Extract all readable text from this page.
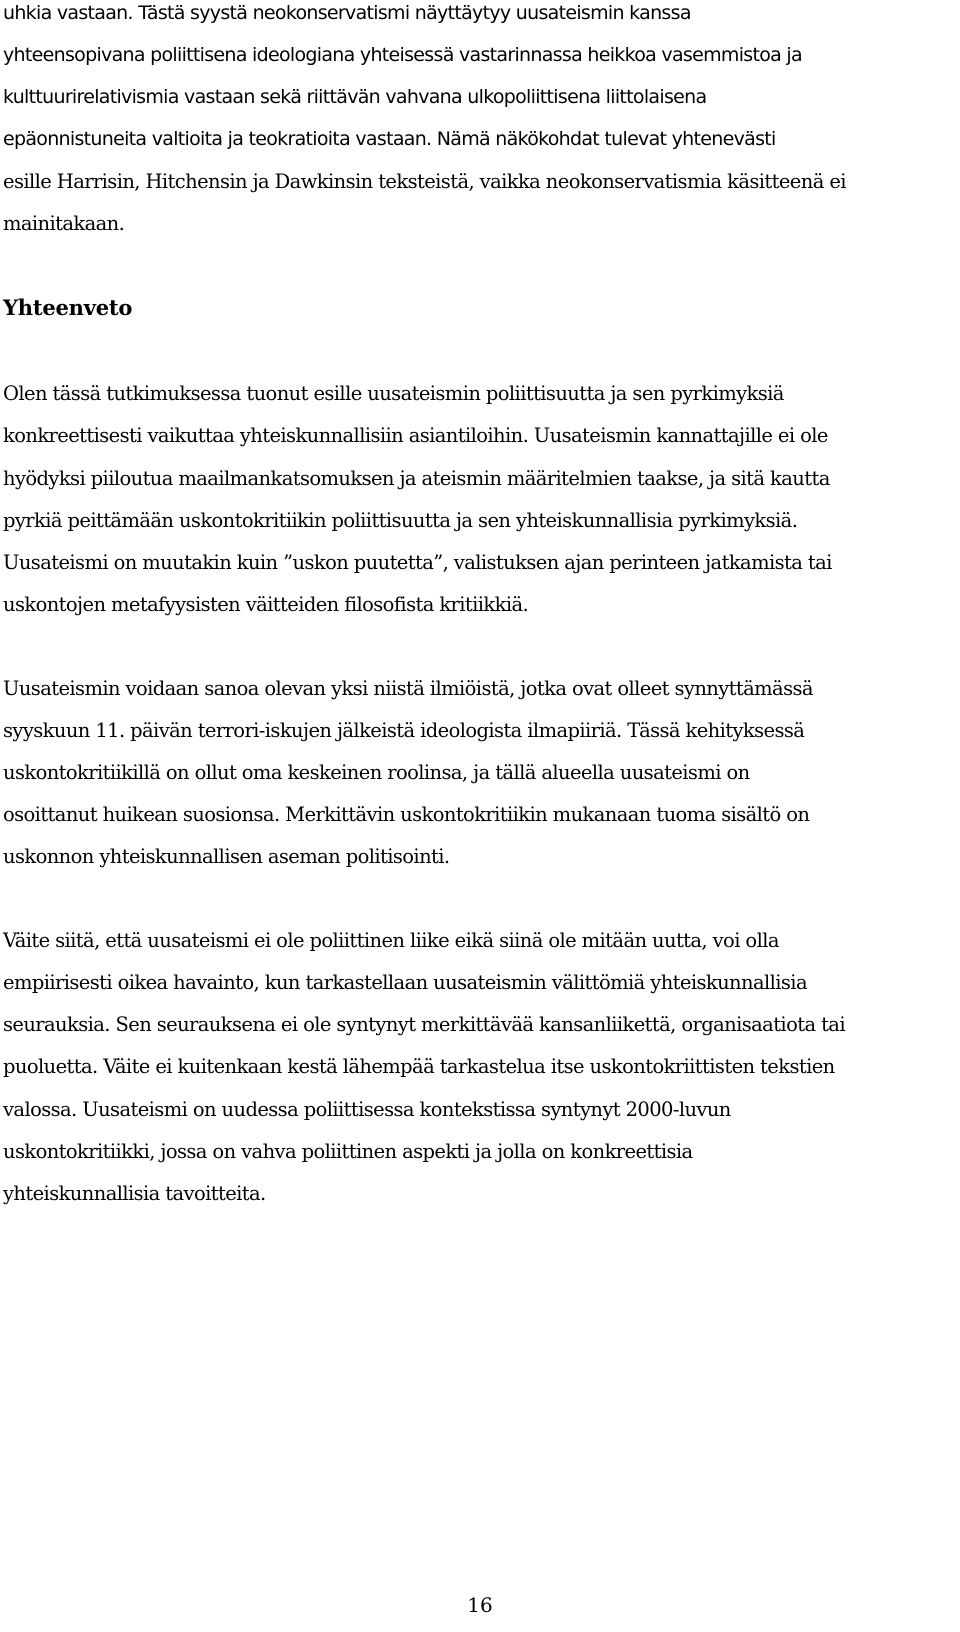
uhkia vastaan. Tästä syystä neokonservatismi näyttäytyy uusateismin kanssa
yhteensopivana poliittisena ideologiana yhteisessä vastarinnassa heikkoa vasemmistoa ja
kulttuurirelativismia vastaan sekä riittävän vahvana ulkopoliittisena liittolaisena
epäonnistuneita valtioita ja teokratioita vastaan. Nämä näkökohdat tulevat yhtenevästi
esille Harrisin, Hitchensin ja Dawkinsin teksteistä, vaikka neokonservatismia käsitteenä ei
mainitakaan.
Yhteenveto
Olen tässä tutkimuksessa tuonut esille uusateismin poliittisuutta ja sen pyrkimyksiä
konkreettisesti vaikuttaa yhteiskunnallisiin asiantiloihin. Uusateismin kannattajille ei ole
hyödyksi piiloutua maailmankatsomuksen ja ateismin määritelmien taakse, ja sitä kautta
pyrkiä peittämään uskontokritiikin poliittisuutta ja sen yhteiskunnallisia pyrkimyksiä.
Uusateismi on muutakin kuin ”uskon puutetta”, valistuksen ajan perinteen jatkamista tai
uskontojen metafyysisten väitteiden filosofista kritiikkiä.
Uusateismin voidaan sanoa olevan yksi niistä ilmiöistä, jotka ovat olleet synnyttämässä
syyskuun 11. päivän terrori-iskujen jälkeistä ideologista ilmapiiriä. Tässä kehityksessä
uskontokritiikillä on ollut oma keskeinen roolinsa, ja tällä alueella uusateismi on
osoittanut huikean suosionsa. Merkittävin uskontokritiikin mukanaan tuoma sisältö on
uskonnon yhteiskunnallisen aseman politisointi.
Väite siitä, että uusateismi ei ole poliittinen liike eikä siinä ole mitään uutta, voi olla
empiirisesti oikea havainto, kun tarkastellaan uusateismin välittömiä yhteiskunnallisia
seurauksia. Sen seurauksena ei ole syntynyt merkittävää kansanliikettä, organisaatiota tai
puoluetta. Väite ei kuitenkaan kestä lähempää tarkastelua itse uskontokriittisten tekstien
valossa. Uusateismi on uudessa poliittisessa kontekstissa syntynyt 2000-luvun
uskontokritiikki, jossa on vahva poliittinen aspekti ja jolla on konkreettisia
yhteiskunnallisia tavoitteita.
16
